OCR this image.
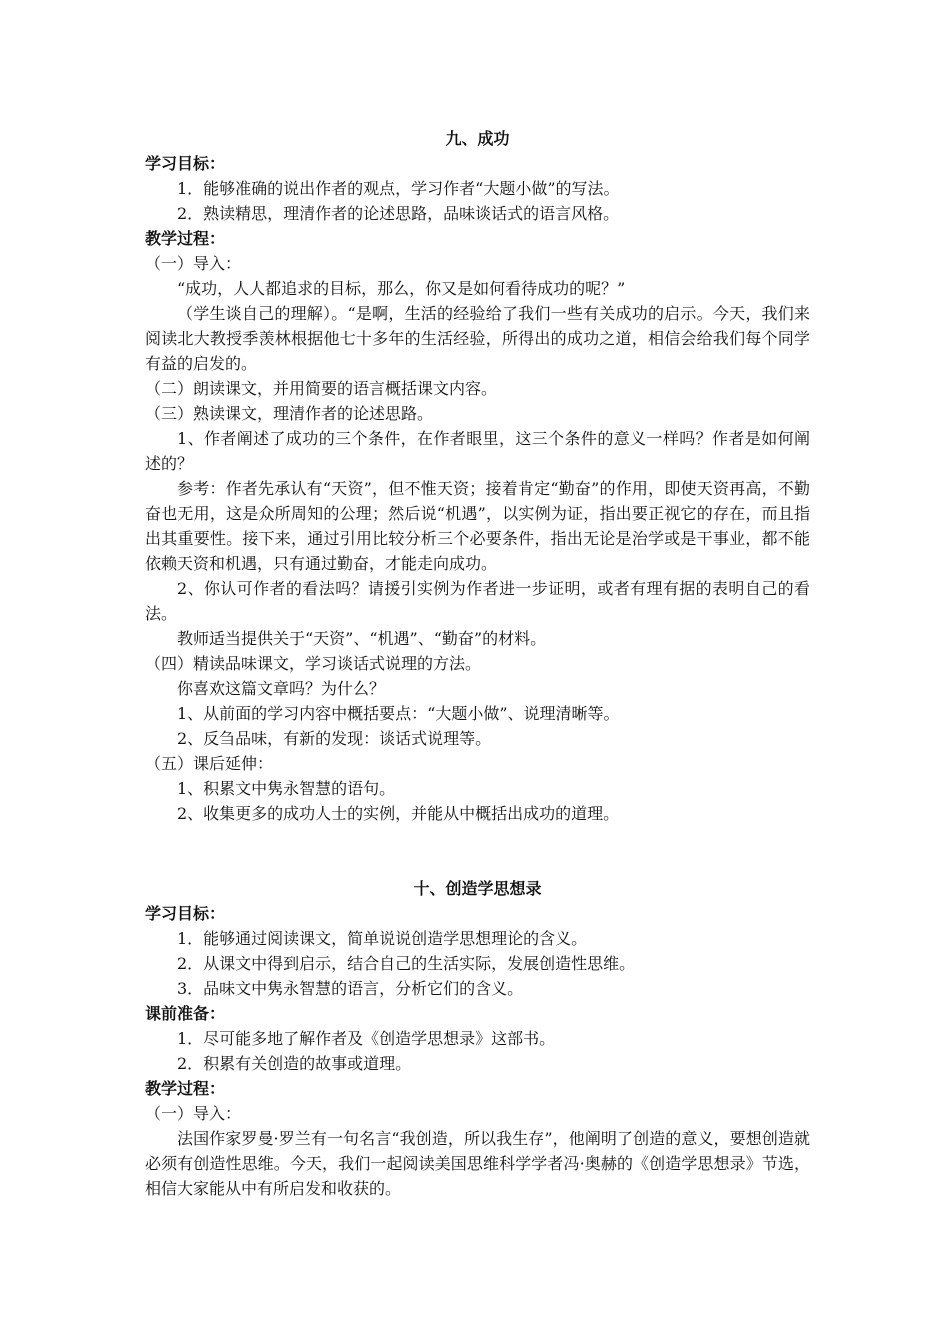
九、成功

学习目标：

1．能够准确的说出作者的观点，学习作者“大题小做”的写法。

2．熟读精思，理清作者的论述思路，品味谈话式的语言风格。

教学过程：

（一）导入：

“成功，人人都追求的目标，那么，你又是如何看待成功的呢？”

（学生谈自己的理解）。“是啊，生活的经验给了我们一些有关成功的启示。今天，我们来阅读北大教授季羡林根据他七十多年的生活经验，所得出的成功之道，相信会给我们每个同学有益的启发的。

（二）朗读课文，并用简要的语言概括课文内容。

（三）熟读课文，理清作者的论述思路。

1、作者阐述了成功的三个条件，在作者眼里，这三个条件的意义一样吗？作者是如何阐述的？

参考：作者先承认有“天资”，但不惟天资；接着肯定“勤奋”的作用，即使天资再高，不勤奋也无用，这是众所周知的公理；然后说“机遇”，以实例为证，指出要正视它的存在，而且指出其重要性。接下来，通过引用比较分析三个必要条件，指出无论是治学或是干事业，都不能依赖天资和机遇，只有通过勤奋，才能走向成功。

2、你认可作者的看法吗？请援引实例为作者进一步证明，或者有理有据的表明自己的看法。

教师适当提供关于“天资”、“机遇”、“勤奋”的材料。

（四）精读品味课文，学习谈话式说理的方法。

你喜欢这篇文章吗？为什么？

1、从前面的学习内容中概括要点：“大题小做”、说理清晰等。

2、反刍品味，有新的发现：谈话式说理等。

（五）课后延伸：

1、积累文中隽永智慧的语句。

2、收集更多的成功人士的实例，并能从中概括出成功的道理。

十、创造学思想录

学习目标：

1．能够通过阅读课文，简单说说创造学思想理论的含义。

2．从课文中得到启示，结合自己的生活实际，发展创造性思维。

3．品味文中隽永智慧的语言，分析它们的含义。

课前准备：

1．尽可能多地了解作者及《创造学思想录》这部书。

2．积累有关创造的故事或道理。

教学过程：

（一）导入：

法国作家罗曼·罗兰有一句名言“我创造，所以我生存”，他阐明了创造的意义，要想创造就必须有创造性思维。今天，我们一起阅读美国思维科学学者冯·奥赫的《创造学思想录》节选，相信大家能从中有所启发和收获的。
